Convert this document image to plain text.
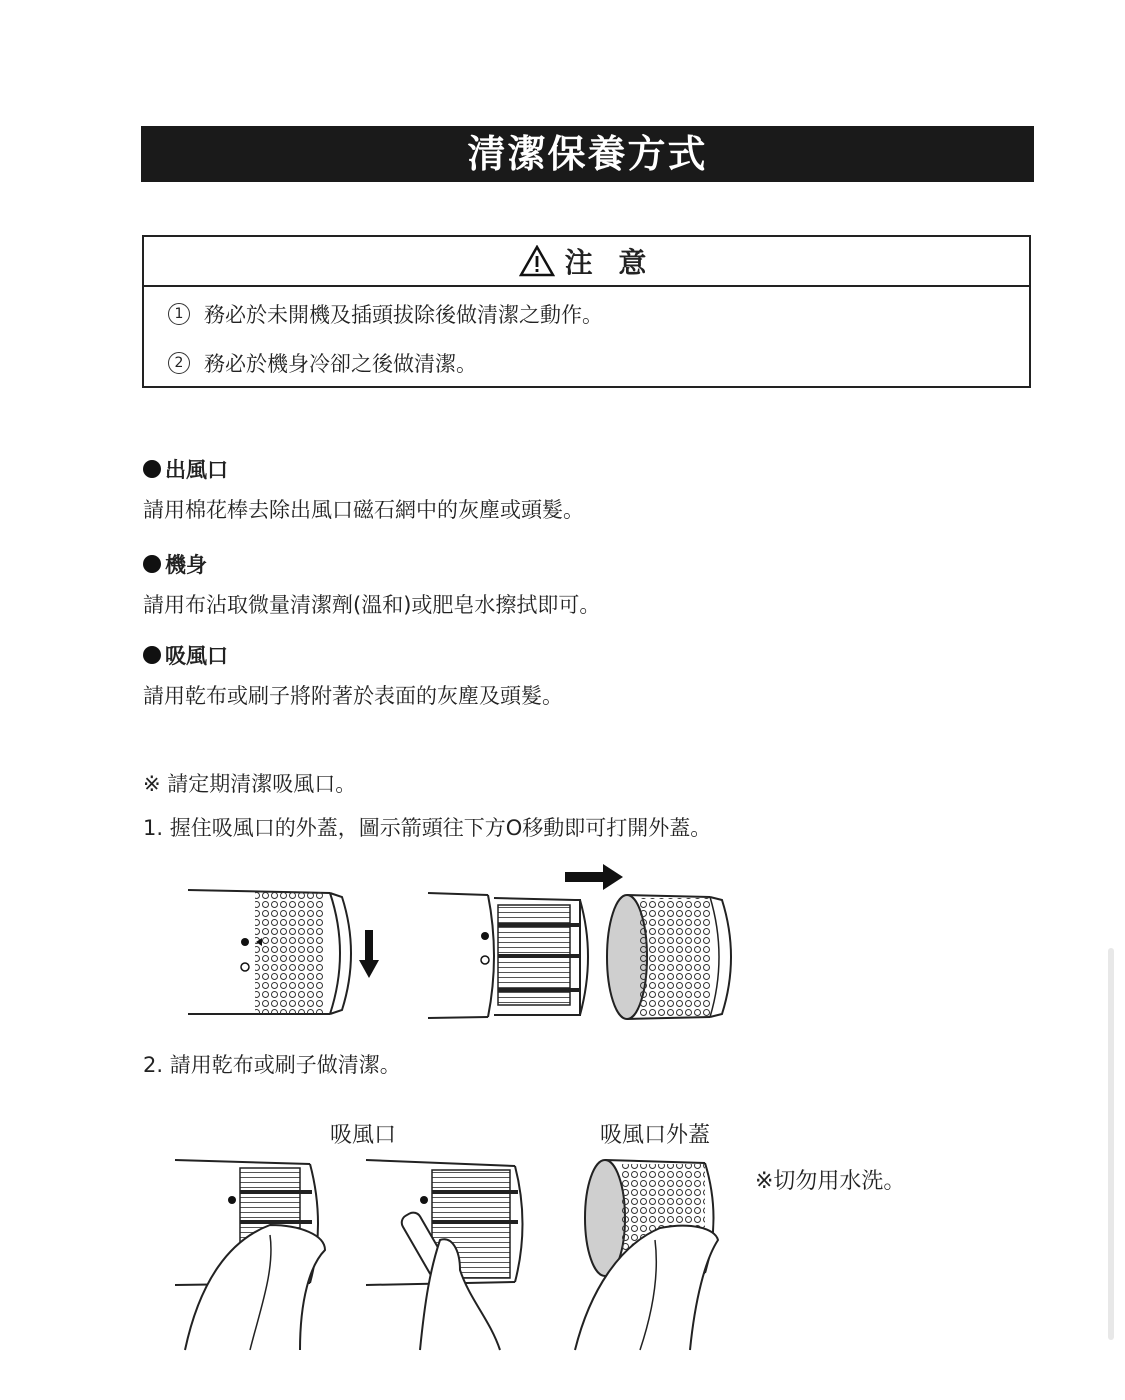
清潔保養方式
注 意
1 務必於未開機及插頭拔除後做清潔之動作。
2 務必於機身冷卻之後做清潔。
出風口
請用棉花棒去除出風口磁石網中的灰塵或頭髮。
機身
請用布沾取微量清潔劑(溫和)或肥皂水擦拭即可。
吸風口
請用乾布或刷子將附著於表面的灰塵及頭髮。
※ 請定期清潔吸風口。
1. 握住吸風口的外蓋，圖示箭頭往下方O移動即可打開外蓋。
2. 請用乾布或刷子做清潔。
吸風口	吸風口外蓋
※切勿用水洗。
